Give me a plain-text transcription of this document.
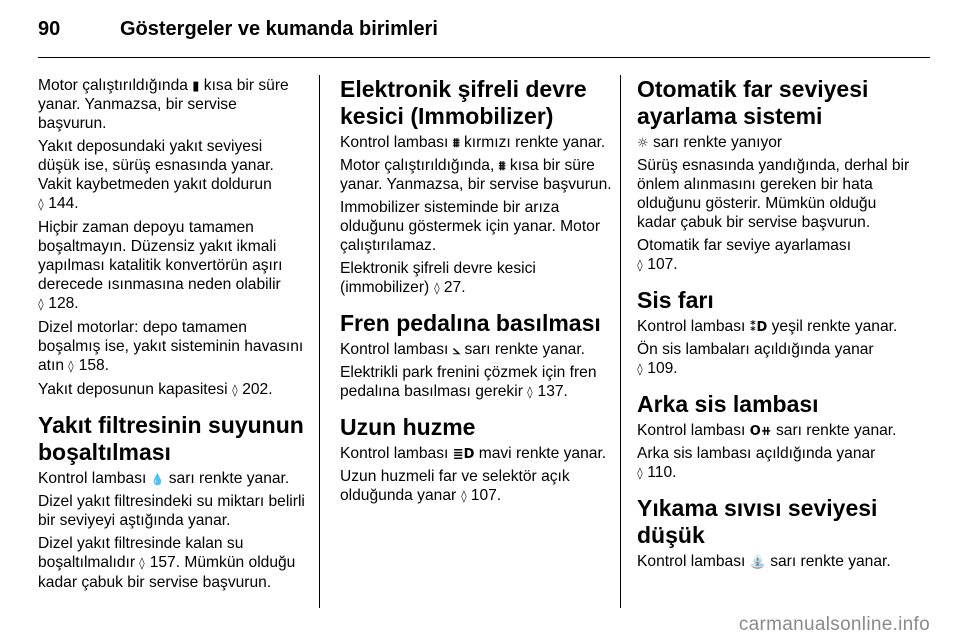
90	Göstergeler ve kumanda birimleri

Motor çalıştırıldığında ▮ kısa bir süre yanar. Yanmazsa, bir servise başvurun.

Yakıt deposundaki yakıt seviyesi düşük ise, sürüş esnasında yanar. Vakit kaybetmeden yakıt doldurun
◊ 144.

Hiçbir zaman depoyu tamamen boşaltmayın. Düzensiz yakıt ikmali yapılması katalitik konvertörün aşırı derecede ısınmasına neden olabilir
◊ 128.

Dizel motorlar: depo tamamen boşalmış ise, yakıt sisteminin havasını atın ◊ 158.

Yakıt deposunun kapasitesi ◊ 202.

Yakıt filtresinin suyunun boşaltılması

Kontrol lambası 💧 sarı renkte yanar.

Dizel yakıt filtresindeki su miktarı belirli bir seviyeyi aştığında yanar.

Dizel yakıt filtresinde kalan su boşaltılmalıdır ◊ 157. Mümkün olduğu kadar çabuk bir servise başvurun.

Elektronik şifreli devre kesici (Immobilizer)

Kontrol lambası ⩩ kırmızı renkte yanar.

Motor çalıştırıldığında, ⩩ kısa bir süre yanar. Yanmazsa, bir servise başvurun.

Immobilizer sisteminde bir arıza olduğunu göstermek için yanar. Motor çalıştırılamaz.

Elektronik şifreli devre kesici (immobilizer) ◊ 27.

Fren pedalına basılması

Kontrol lambası ⦣ sarı renkte yanar.

Elektrikli park frenini çözmek için fren pedalına basılması gerekir ◊ 137.

Uzun huzme

Kontrol lambası ≣D mavi renkte yanar.

Uzun huzmeli far ve selektör açık olduğunda yanar ◊ 107.

Otomatik far seviyesi ayarlama sistemi

☼ sarı renkte yanıyor

Sürüş esnasında yandığında, derhal bir önlem alınmasını gereken bir hata olduğunu gösterir. Mümkün olduğu kadar çabuk bir servise başvurun.

Otomatik far seviye ayarlaması
◊ 107.

Sis farı

Kontrol lambası ⁑D yeşil renkte yanar.

Ön sis lambaları açıldığında yanar
◊ 109.

Arka sis lambası

Kontrol lambası O⧺ sarı renkte yanar.

Arka sis lambası açıldığında yanar
◊ 110.

Yıkama sıvısı seviyesi düşük

Kontrol lambası ⛲ sarı renkte yanar.

carmanualsonline.info
